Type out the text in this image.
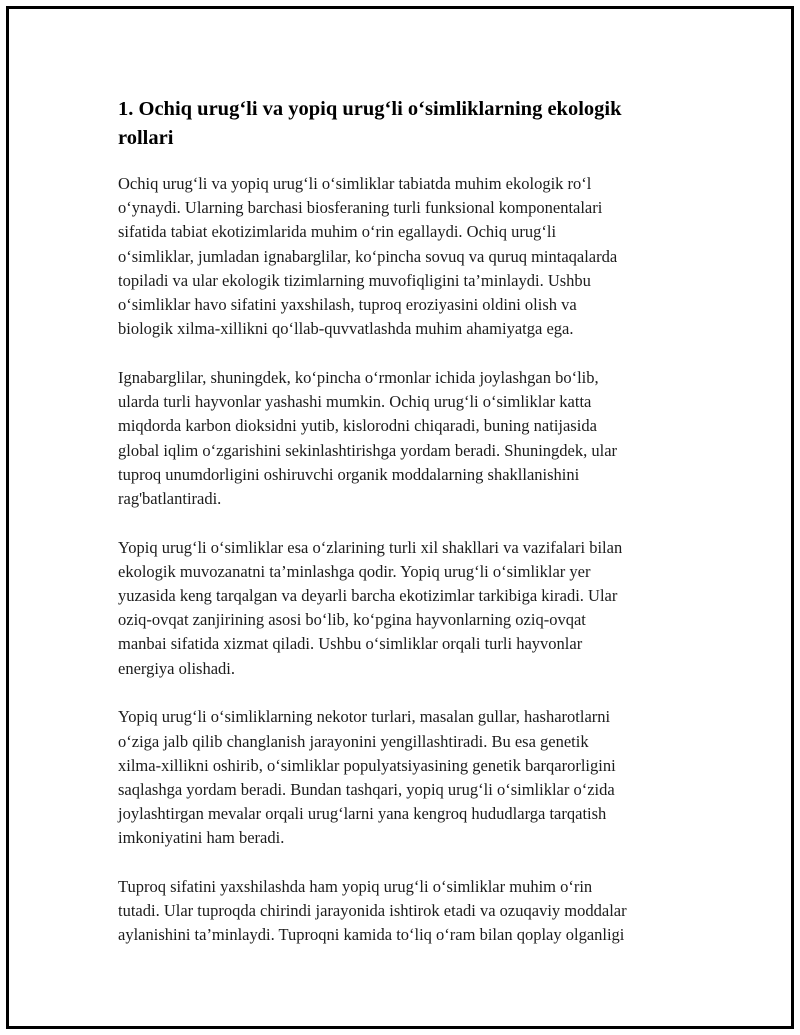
1. Ochiq urug‘li va yopiq urug‘li o‘simliklarning ekologik
rollari

Ochiq urug‘li va yopiq urug‘li o‘simliklar tabiatda muhim ekologik ro‘l
o‘ynaydi. Ularning barchasi biosferaning turli funksional komponentalari
sifatida tabiat ekotizimlarida muhim o‘rin egallaydi. Ochiq urug‘li
o‘simliklar, jumladan ignabarglilar, ko‘pincha sovuq va quruq mintaqalarda
topiladi va ular ekologik tizimlarning muvofiqligini ta’minlaydi. Ushbu
o‘simliklar havo sifatini yaxshilash, tuproq eroziyasini oldini olish va
biologik xilma-xillikni qo‘llab-quvvatlashda muhim ahamiyatga ega.

Ignabarglilar, shuningdek, ko‘pincha o‘rmonlar ichida joylashgan bo‘lib,
ularda turli hayvonlar yashashi mumkin. Ochiq urug‘li o‘simliklar katta
miqdorda karbon dioksidni yutib, kislorodni chiqaradi, buning natijasida
global iqlim o‘zgarishini sekinlashtirishga yordam beradi. Shuningdek, ular
tuproq unumdorligini oshiruvchi organik moddalarning shakllanishini
rag'batlantiradi.

Yopiq urug‘li o‘simliklar esa o‘zlarining turli xil shakllari va vazifalari bilan
ekologik muvozanatni ta’minlashga qodir. Yopiq urug‘li o‘simliklar yer
yuzasida keng tarqalgan va deyarli barcha ekotizimlar tarkibiga kiradi. Ular
oziq-ovqat zanjirining asosi bo‘lib, ko‘pgina hayvonlarning oziq-ovqat
manbai sifatida xizmat qiladi. Ushbu o‘simliklar orqali turli hayvonlar
energiya olishadi.

Yopiq urug‘li o‘simliklarning nekotor turlari, masalan gullar, hasharotlarni
o‘ziga jalb qilib changlanish jarayonini yengillashtiradi. Bu esa genetik
xilma-xillikni oshirib, o‘simliklar populyatsiyasining genetik barqarorligini
saqlashga yordam beradi. Bundan tashqari, yopiq urug‘li o‘simliklar o‘zida
joylashtirgan mevalar orqali urug‘larni yana kengroq hududlarga tarqatish
imkoniyatini ham beradi.

Tuproq sifatini yaxshilashda ham yopiq urug‘li o‘simliklar muhim o‘rin
tutadi. Ular tuproqda chirindi jarayonida ishtirok etadi va ozuqaviy moddalar
aylanishini ta’minlaydi. Tuproqni kamida to‘liq o‘ram bilan qoplay olganligi
